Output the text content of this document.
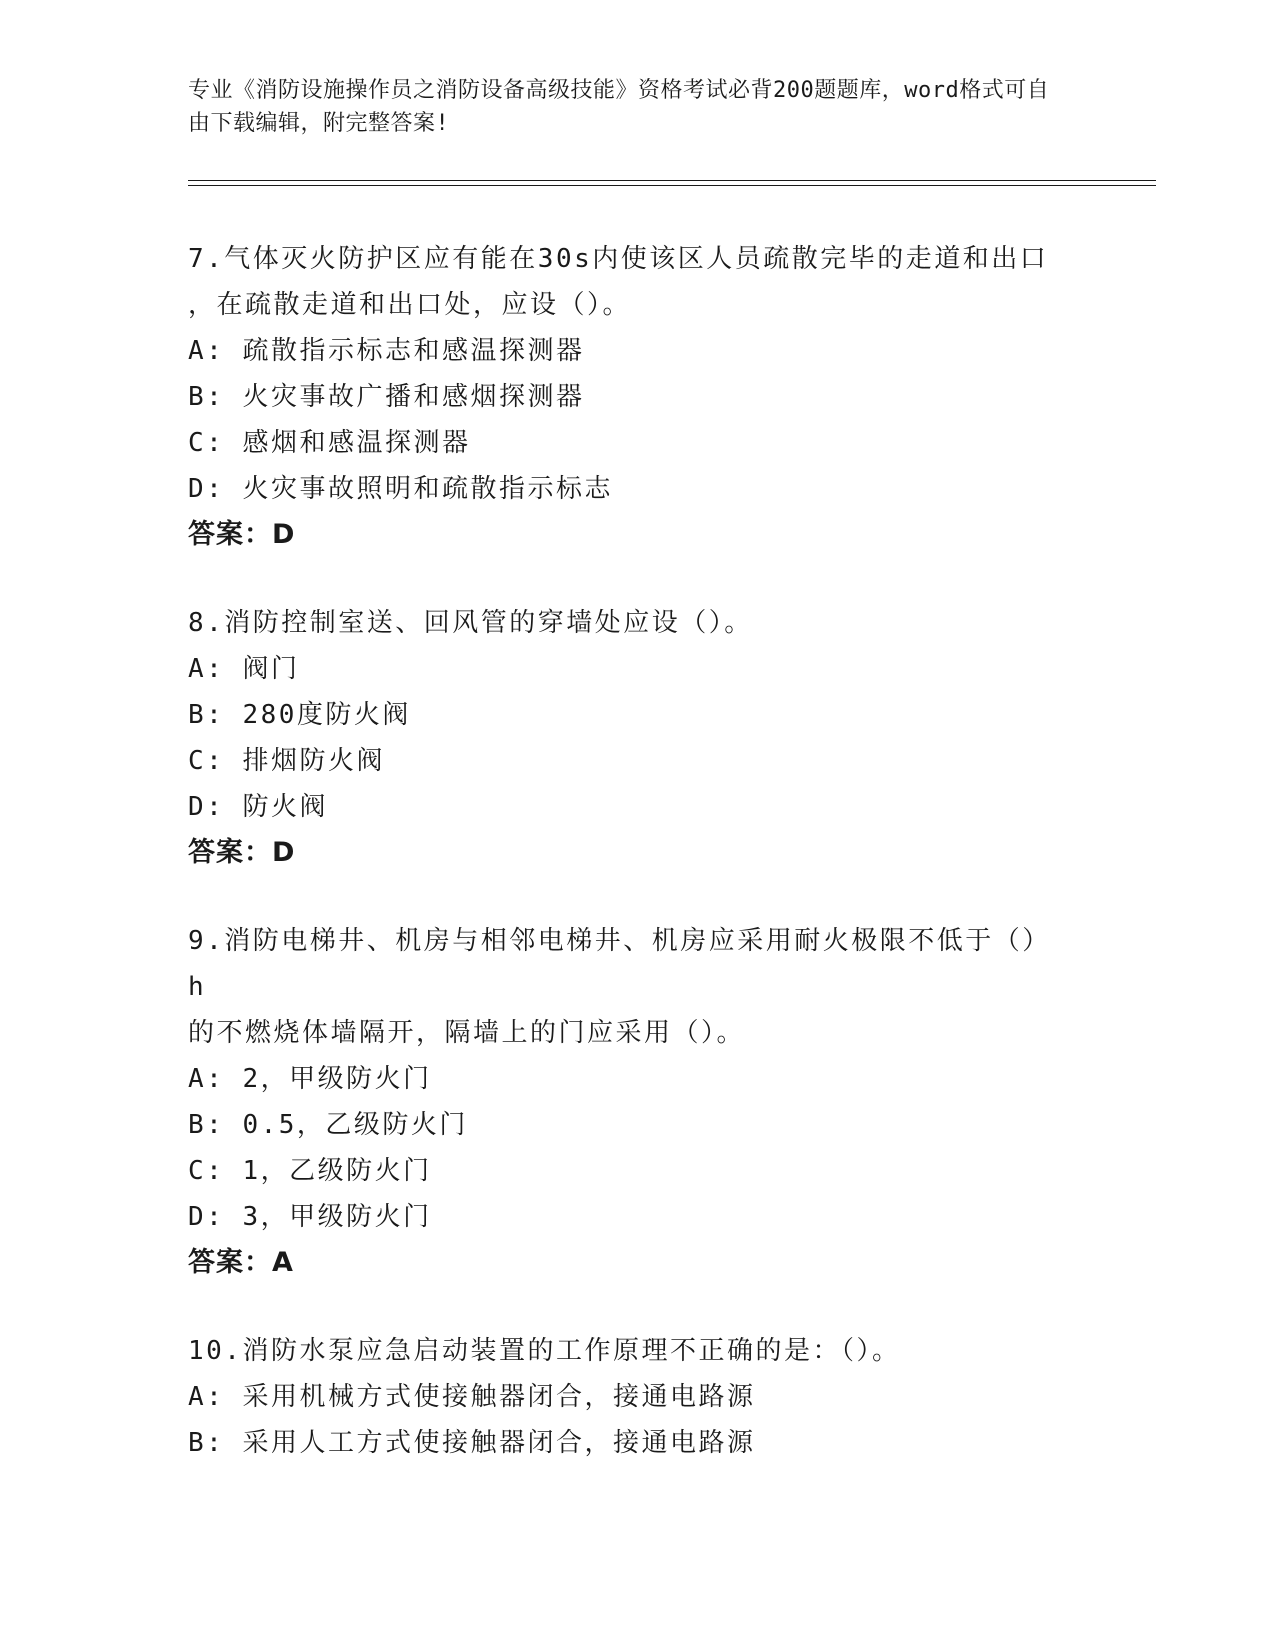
专业《消防设施操作员之消防设备高级技能》资格考试必背200题题库，word格式可自由下载编辑，附完整答案!
7.气体灭火防护区应有能在30s内使该区人员疏散完毕的走道和出口
，在疏散走道和出口处，应设（）。
A: 疏散指示标志和感温探测器
B: 火灾事故广播和感烟探测器
C: 感烟和感温探测器
D: 火灾事故照明和疏散指示标志
答案：D
8.消防控制室送、回风管的穿墙处应设（）。
A: 阀门
B: 280度防火阀
C: 排烟防火阀
D: 防火阀
答案：D
9.消防电梯井、机房与相邻电梯井、机房应采用耐火极限不低于（）h
的不燃烧体墙隔开，隔墙上的门应采用（）。
A: 2，甲级防火门
B: 0.5，乙级防火门
C: 1，乙级防火门
D: 3，甲级防火门
答案：A
10.消防水泵应急启动装置的工作原理不正确的是：（）。
A: 采用机械方式使接触器闭合，接通电路源
B: 采用人工方式使接触器闭合，接通电路源
